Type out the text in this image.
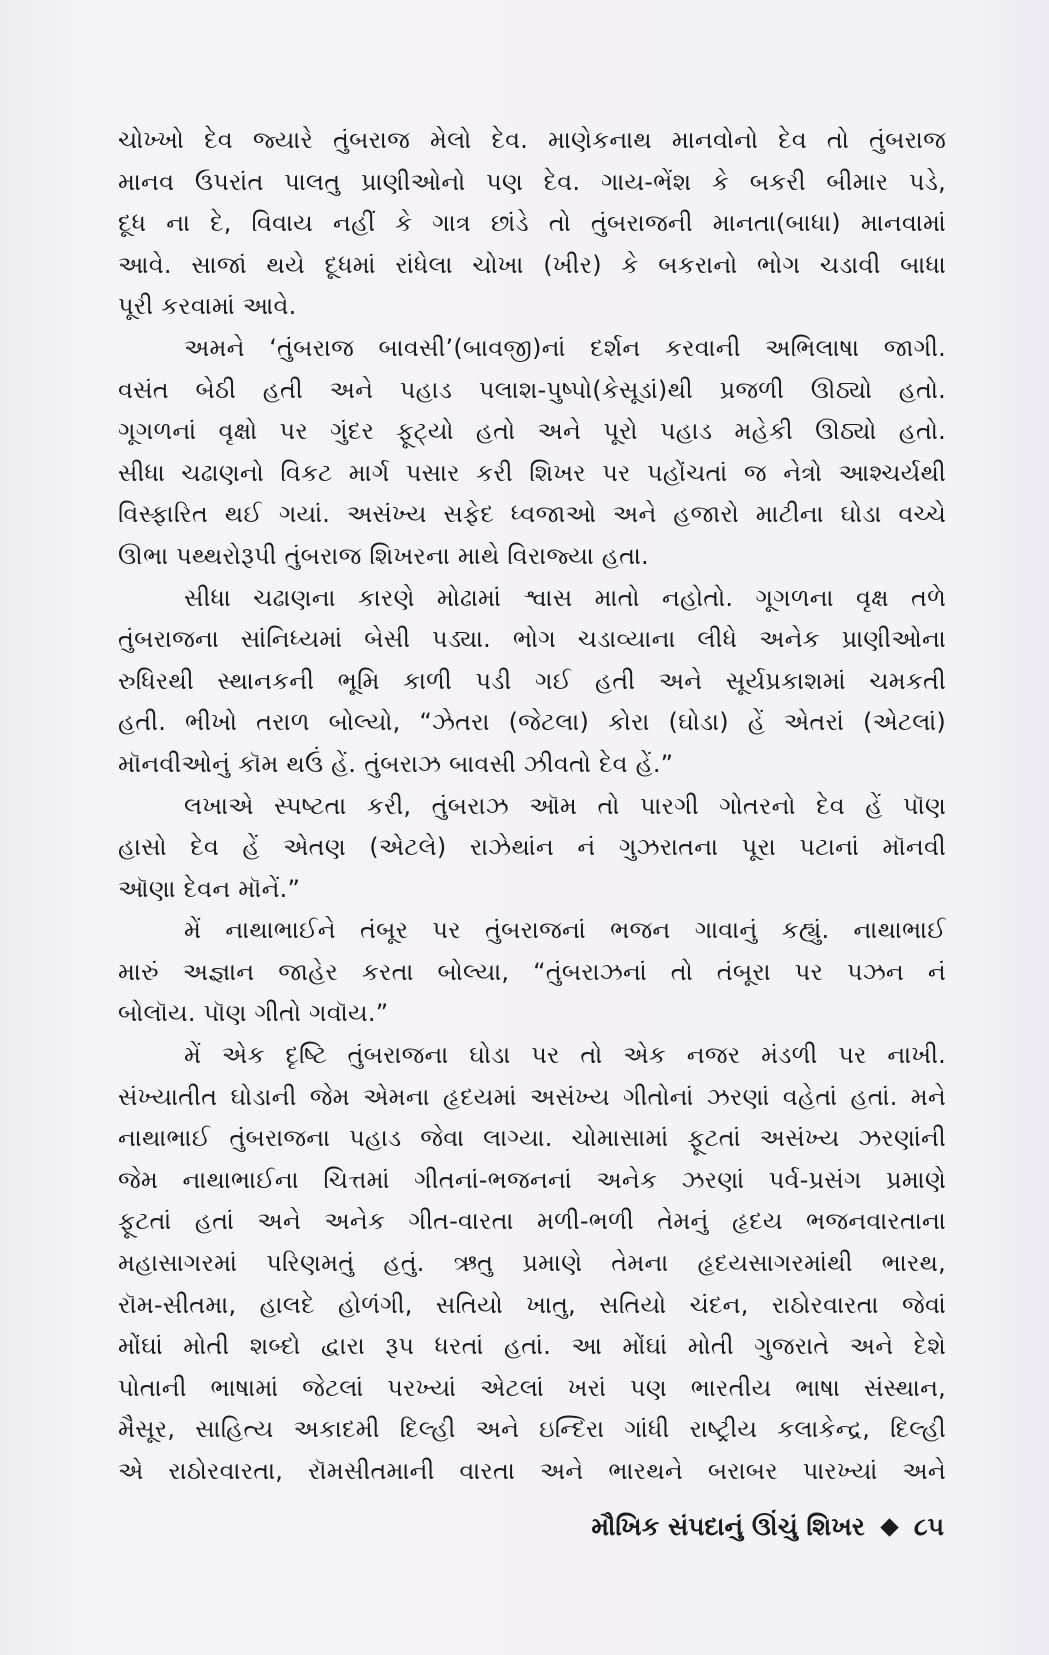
ચોખ્ખો દેવ જ્યારે તુંબરાજ મેલો દેવ. માણેકનાથ માનવોનો દેવ તો તુંબરાજ
માનવ ઉપરાંત પાલતુ પ્રાણીઓનો પણ દેવ. ગાય-ભેંશ કે બકરી બીમાર પડે,
દૂધ ના દે, વિવાય નહીં કે ગાત્ર છાંડે તો તુંબરાજની માનતા(બાધા) માનવામાં
આવે. સાજાં થયે દૂધમાં રાંધેલા ચોખા (ખીર) કે બકરાનો ભોગ ચડાવી બાધા
પૂરી કરવામાં આવે.
અમને ‘તુંબરાજ બાવસી’(બાવજી)નાં દર્શન કરવાની અભિલાષા જાગી.
વસંત બેઠી હતી અને પહાડ પલાશ-પુષ્પો(કેસૂડાં)થી પ્રજળી ઊઠ્યો હતો.
ગૂગળનાં વૃક્ષો પર ગુંદર ફૂટ્યો હતો અને પૂરો પહાડ મહેકી ઊઠ્યો હતો.
સીધા ચઢાણનો વિકટ માર્ગ પસાર કરી શિખર પર પહોંચતાં જ નેત્રો આશ્ચર્યથી
વિસ્ફારિત થઈ ગયાં. અસંખ્ય સફેદ ધ્વજાઓ અને હજારો માટીના ઘોડા વચ્ચે
ઊભા પથ્થરોરૂપી તુંબરાજ શિખરના માથે વિરાજ્યા હતા.
સીધા ચઢાણના કારણે મોઢામાં શ્વાસ માતો નહોતો. ગૂગળના વૃક્ષ તળે
તુંબરાજના સાંનિધ્યમાં બેસી પડ્યા. ભોગ ચડાવ્યાના લીધે અનેક પ્રાણીઓના
રુધિરથી સ્થાનકની ભૂમિ કાળી પડી ગઈ હતી અને સૂર્યપ્રકાશમાં ચમકતી
હતી. ભીખો તરાળ બોલ્યો, “ઝેતરા (જેટલા) કોરા (ઘોડા) હેં એતરાં (એટલાં)
મૉનવીઓનું કૉમ થઉં હેં. તુંબરાઝ બાવસી ઝીવતો દેવ હેં.”
લખાએ સ્પષ્ટતા કરી, તુંબરાઝ ઑમ તો પારગી ગોતરનો દેવ હેં પૉણ
હાસો દેવ હેં એતણ (એટલે) રાઝેથાંન નં ગુઝરાતના પૂરા પટાનાં મૉનવી
ઑણા દેવન મૉનેં.”
મેં નાથાભાઈને તંબૂર પર તુંબરાજનાં ભજન ગાવાનું કહ્યું. નાથાભાઈ
મારું અજ્ઞાન જાહેર કરતા બોલ્યા, “તુંબરાઝનાં તો તંબૂરા પર પઝન નં
બોલૉય. પૉણ ગીતો ગવૉય.”
મેં એક દૃષ્ટિ તુંબરાજના ઘોડા પર તો એક નજર મંડળી પર નાખી.
સંખ્યાતીત ઘોડાની જેમ એમના હૃદયમાં અસંખ્ય ગીતોનાં ઝરણાં વહેતાં હતાં. મને
નાથાભાઈ તુંબરાજના પહાડ જેવા લાગ્યા. ચોમાસામાં ફૂટતાં અસંખ્ય ઝરણાંની
જેમ નાથાભાઈના ચિત્તમાં ગીતનાં-ભજનનાં અનેક ઝરણાં પર્વ-પ્રસંગ પ્રમાણે
ફૂટતાં હતાં અને અનેક ગીત-વારતા મળી-ભળી તેમનું હૃદય ભજનવારતાના
મહાસાગરમાં પરિણમતું હતું. ઋતુ પ્રમાણે તેમના હૃદયસાગરમાંથી ભારથ,
રૉમ-સીતમા, હાલદે હોળંગી, સતિયો ખાતુ, સતિયો ચંદન, રાઠોરવારતા જેવાં
મોંઘાં મોતી શબ્દો દ્વારા રૂપ ધરતાં હતાં. આ મોંઘાં મોતી ગુજરાતે અને દેશે
પોતાની ભાષામાં જેટલાં પરખ્યાં એટલાં ખરાં પણ ભારતીય ભાષા સંસ્થાન,
મૈસૂર, સાહિત્ય અકાદમી દિલ્હી અને ઇન્દિરા ગાંધી રાષ્ટ્રીય કલાકેન્દ્ર, દિલ્હી
એ રાઠોરવારતા, રૉમસીતમાની વારતા અને ભારથને બરાબર પારખ્યાં અને
મૌખિક સંપદાનું ઊંચું શિખર ૮૫
